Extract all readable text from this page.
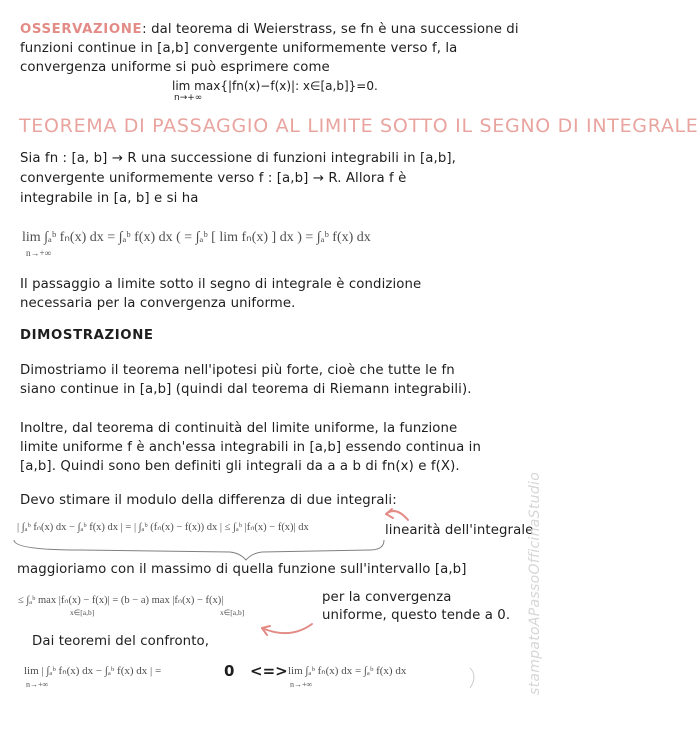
OSSERVAZIONE: dal teorema di Weierstrass, se fn è una successione di
funzioni continue in [a,b] convergente uniformemente verso f, la
convergenza uniforme si può esprimere come
lim max{|fn(x)−f(x)|: x∈[a,b]}=0.
n→+∞
TEOREMA DI PASSAGGIO AL LIMITE SOTTO IL SEGNO DI INTEGRALE
Sia fn : [a, b] → R una successione di funzioni integrabili in [a,b],
convergente uniformemente verso f : [a,b] → R. Allora f è
integrabile in [a, b] e si ha
lim ∫ₐᵇ fₙ(x) dx = ∫ₐᵇ f(x) dx ( = ∫ₐᵇ [ lim fₙ(x) ] dx ) = ∫ₐᵇ f(x) dx
n→+∞
Il passaggio a limite sotto il segno di integrale è condizione
necessaria per la convergenza uniforme.
DIMOSTRAZIONE
Dimostriamo il teorema nell'ipotesi più forte, cioè che tutte le fn
siano continue in [a,b] (quindi dal teorema di Riemann integrabili).
Inoltre, dal teorema di continuità del limite uniforme, la funzione
limite uniforme f è anch'essa integrabili in [a,b] essendo continua in
[a,b]. Quindi sono ben definiti gli integrali da a a b di fn(x) e f(X).
Devo stimare il modulo della differenza di due integrali:
| ∫ₐᵇ fₙ(x) dx − ∫ₐᵇ f(x) dx | = | ∫ₐᵇ (fₙ(x) − f(x)) dx | ≤ ∫ₐᵇ |fₙ(x) − f(x)| dx	linearità dell'integrale
maggioriamo con il massimo di quella funzione sull'intervallo [a,b]
≤ ∫ₐᵇ max |fₙ(x) − f(x)| = (b − a) max |fₙ(x) − f(x)|
x∈[a,b]	x∈[a,b]
per la convergenza
uniforme, questo tende a 0.
Dai teoremi del confronto,
lim | ∫ₐᵇ fₙ(x) dx − ∫ₐᵇ f(x) dx | =
n→+∞
0 <=> lim ∫ₐᵇ fₙ(x) dx = ∫ₐᵇ f(x) dx
n→+∞	stampatoAPassoOfficinaStudio
